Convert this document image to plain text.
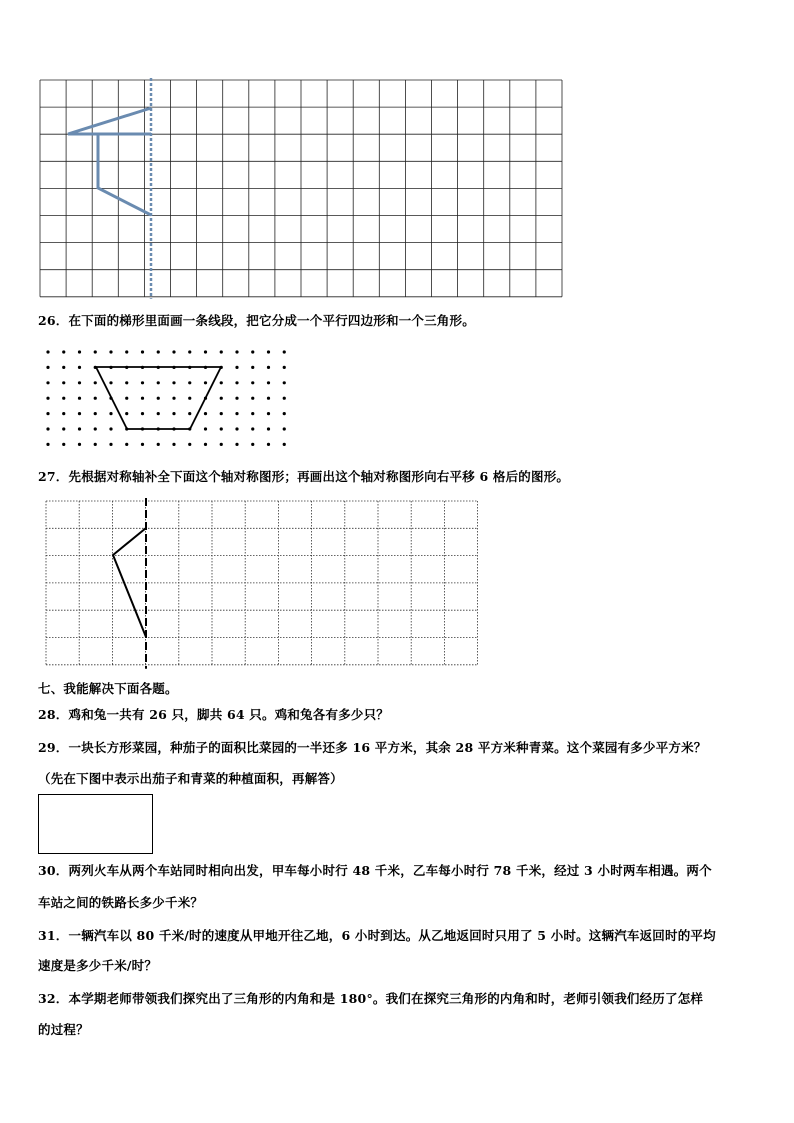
26．在下面的梯形里面画一条线段，把它分成一个平行四边形和一个三角形。
27．先根据对称轴补全下面这个轴对称图形；再画出这个轴对称图形向右平移 6 格后的图形。
七、我能解决下面各题。
28．鸡和兔一共有 26 只，脚共 64 只。鸡和兔各有多少只？
29．一块长方形菜园，种茄子的面积比菜园的一半还多 16 平方米，其余 28 平方米种青菜。这个菜园有多少平方米？
（先在下图中表示出茄子和青菜的种植面积，再解答）
30．两列火车从两个车站同时相向出发，甲车每小时行 48 千米，乙车每小时行 78 千米，经过 3 小时两车相遇。两个
车站之间的铁路长多少千米？
31．一辆汽车以 80 千米/时的速度从甲地开往乙地，6 小时到达。从乙地返回时只用了 5 小时。这辆汽车返回时的平均
速度是多少千米/时？
32．本学期老师带领我们探究出了三角形的内角和是 180°。我们在探究三角形的内角和时，老师引领我们经历了怎样
的过程？
